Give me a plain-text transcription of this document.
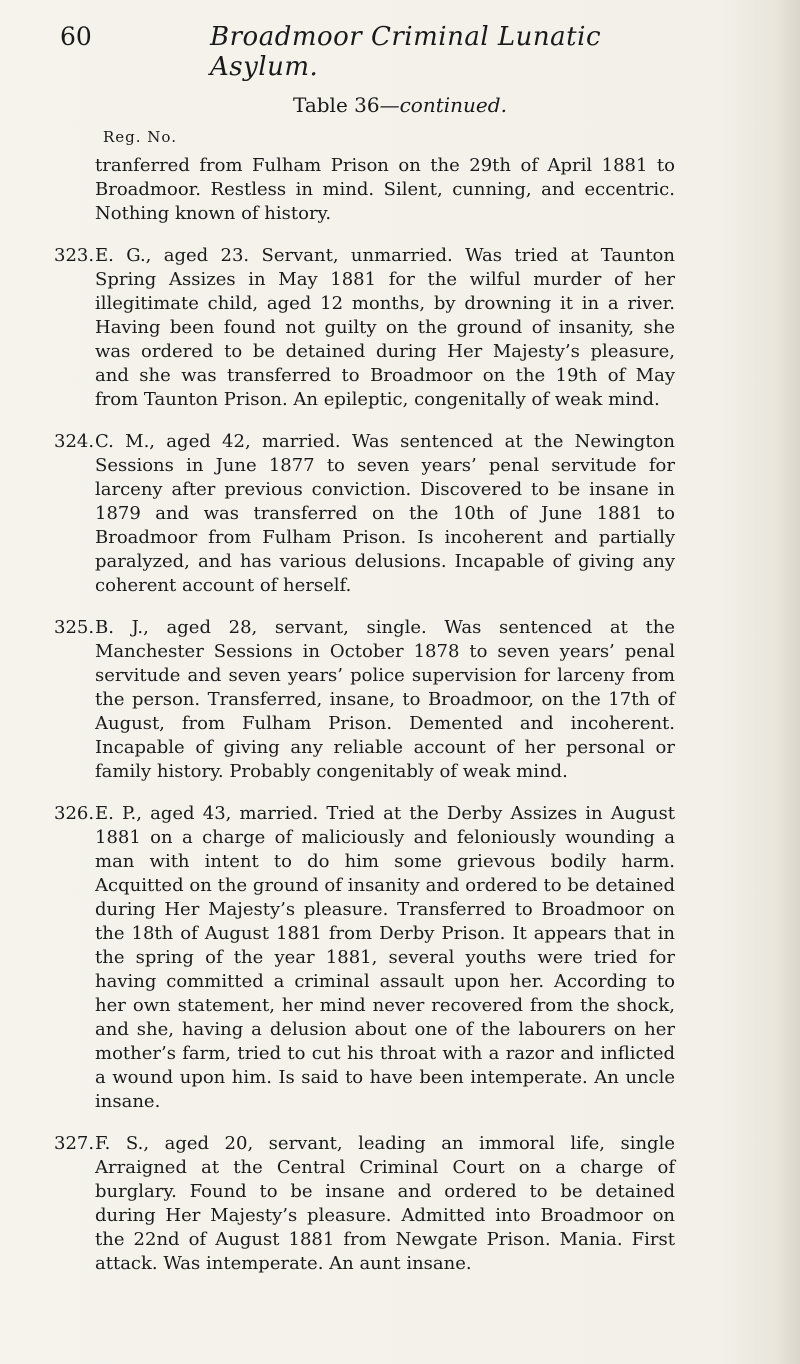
60	Broadmoor Criminal Lunatic Asylum.
Table 36—continued.
Reg. No.

tranferred from Fulham Prison on the 29th of April 1881 to Broadmoor. Restless in mind. Silent, cunning, and eccentric. Nothing known of history.

323. E. G., aged 23. Servant, unmarried. Was tried at Taunton Spring Assizes in May 1881 for the wilful murder of her illegitimate child, aged 12 months, by drowning it in a river. Having been found not guilty on the ground of insanity, she was ordered to be detained during Her Majesty’s pleasure, and she was transferred to Broadmoor on the 19th of May from Taunton Prison. An epileptic, congenitally of weak mind.
324. C. M., aged 42, married. Was sentenced at the Newington Sessions in June 1877 to seven years’ penal servitude for larceny after previous conviction. Discovered to be insane in 1879 and was transferred on the 10th of June 1881 to Broadmoor from Fulham Prison. Is incoherent and partially paralyzed, and has various delusions. Incapable of giving any coherent account of herself.
325. B. J., aged 28, servant, single. Was sentenced at the Manchester Sessions in October 1878 to seven years’ penal servitude and seven years’ police supervision for larceny from the person. Transferred, insane, to Broadmoor, on the 17th of August, from Fulham Prison. Demented and incoherent. Incapable of giving any reliable account of her personal or family history. Probably congenitably of weak mind.
326. E. P., aged 43, married. Tried at the Derby Assizes in August 1881 on a charge of maliciously and feloniously wounding a man with intent to do him some grievous bodily harm. Acquitted on the ground of insanity and ordered to be detained during Her Majesty’s pleasure. Transferred to Broadmoor on the 18th of August 1881 from Derby Prison. It appears that in the spring of the year 1881, several youths were tried for having committed a criminal assault upon her. According to her own statement, her mind never recovered from the shock, and she, having a delusion about one of the labourers on her mother’s farm, tried to cut his throat with a razor and inflicted a wound upon him. Is said to have been intemperate. An uncle insane.
327. F. S., aged 20, servant, leading an immoral life, single Arraigned at the Central Criminal Court on a charge of burglary. Found to be insane and ordered to be detained during Her Majesty’s pleasure. Admitted into Broadmoor on the 22nd of August 1881 from Newgate Prison. Mania. First attack. Was intemperate. An aunt insane.
